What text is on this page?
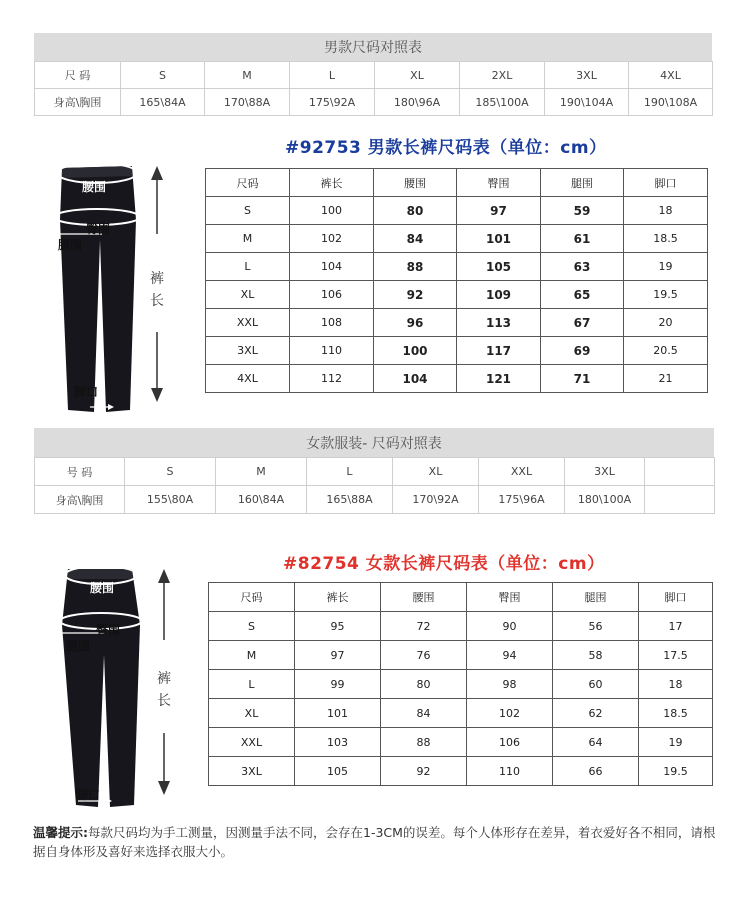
男款尺码对照表
尺 码	S	M	L	XL	2XL	3XL	4XL
身高\胸围	165\84A	170\88A	175\92A	180\96A	185\100A	190\104A	190\108A
#92753 男款长裤尺码表（单位：cm）
腰围
臀围
腿围
裤
长
脚口
尺码	裤长	腰围	臀围	腿围	脚口
S	100	80	97	59	18
M	102	84	101	61	18.5
L	104	88	105	63	19
XL	106	92	109	65	19.5
XXL	108	96	113	67	20
3XL	110	100	117	69	20.5
4XL	112	104	121	71	21
女款服装- 尺码对照表
号 码	S	M	L	XL	XXL	3XL	
身高\胸围	155\80A	160\84A	165\88A	170\92A	175\96A	180\100A	
#82754 女款长裤尺码表（单位：cm）
腰围
臀围
腿围
裤
长
脚口
尺码	裤长	腰围	臀围	腿围	脚口
S	95	72	90	56	17
M	97	76	94	58	17.5
L	99	80	98	60	18
XL	101	84	102	62	18.5
XXL	103	88	106	64	19
3XL	105	92	110	66	19.5
温馨提示:每款尺码均为手工测量，因测量手法不同，会存在1-3CM的误差。每个人体形存在差异，着衣爱好各不相同，请根据自身体形及喜好来选择衣服大小。
